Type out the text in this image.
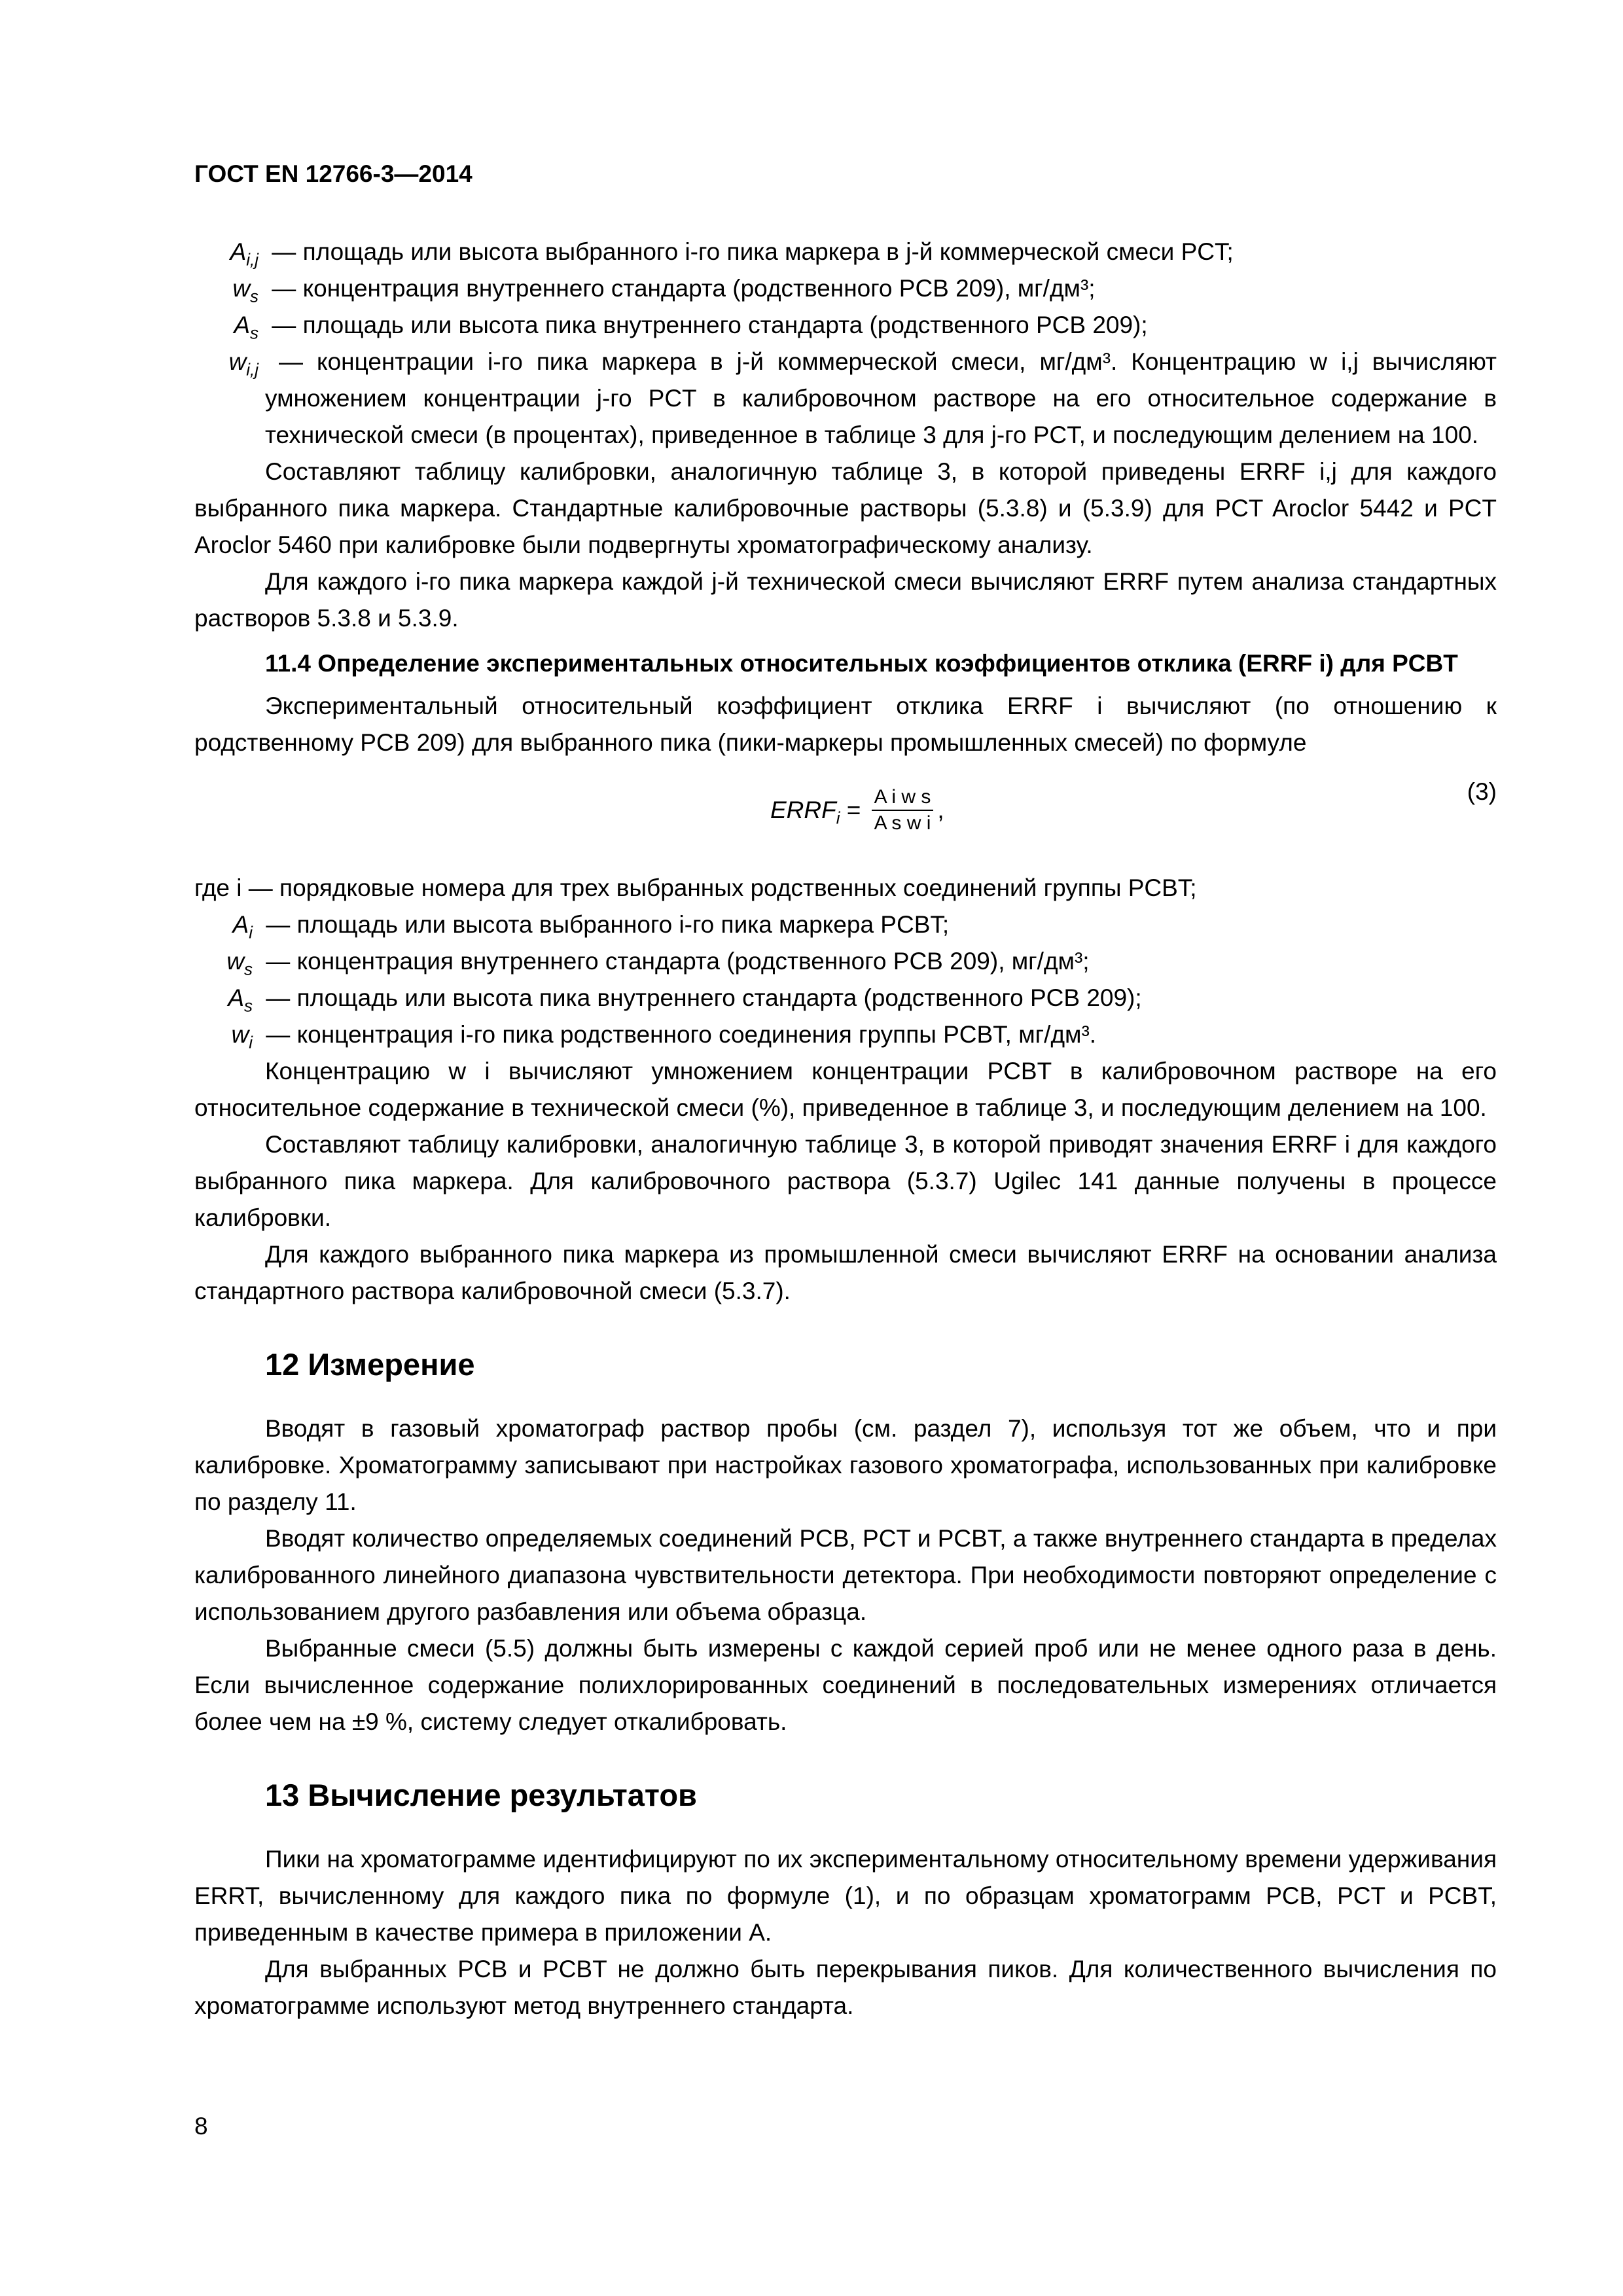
ГОСТ EN 12766-3—2014
$A_{i,j}$ — площадь или высота выбранного i-го пика маркера в j-й коммерческой смеси PCT;
$w_s$ — концентрация внутреннего стандарта (родственного PCB 209), мг/дм³;
$A_s$ — площадь или высота пика внутреннего стандарта (родственного PCB 209);
$w_{i,j}$ — концентрации i-го пика маркера в j-й коммерческой смеси, мг/дм³. Концентрацию w i,j вычисляют умножением концентрации j-го PCT в калибровочном растворе на его относительное содержание в технической смеси (в процентах), приведенное в таблице 3 для j-го PCT, и последующим делением на 100.

Составляют таблицу калибровки, аналогичную таблице 3, в которой приведены ERRF i,j для каждого выбранного пика маркера. Стандартные калибровочные растворы (5.3.8) и (5.3.9) для PCT Aroclor 5442 и PCT Aroclor 5460 при калибровке были подвергнуты хроматографическому анализу.

Для каждого i-го пика маркера каждой j-й технической смеси вычисляют ERRF путем анализа стандартных растворов 5.3.8 и 5.3.9.

11.4 Определение экспериментальных относительных коэффициентов отклика (ERRF i) для PCBT

Экспериментальный относительный коэффициент отклика ERRF i вычисляют (по отношению к родственному PCB 209) для выбранного пика (пики-маркеры промышленных смесей) по формуле

$ERRF_i = \frac{\text{A i w s}}{\text{A s w i}}$ ,
(3)

где i — порядковые номера для трех выбранных родственных соединений группы PCBT;

$A_i$ — площадь или высота выбранного i-го пика маркера PCBT;
$w_s$ — концентрация внутреннего стандарта (родственного PCB 209), мг/дм³;
$A_s$ — площадь или высота пика внутреннего стандарта (родственного PCB 209);
$w_i$ — концентрация i-го пика родственного соединения группы PCBT, мг/дм³.

Концентрацию w i вычисляют умножением концентрации PCBT в калибровочном растворе на его относительное содержание в технической смеси (%), приведенное в таблице 3, и последующим делением на 100.

Составляют таблицу калибровки, аналогичную таблице 3, в которой приводят значения ERRF i для каждого выбранного пика маркера. Для калибровочного раствора (5.3.7) Ugilec 141 данные получены в процессе калибровки.

Для каждого выбранного пика маркера из промышленной смеси вычисляют ERRF на основании анализа стандартного раствора калибровочной смеси (5.3.7).

12 Измерение

Вводят в газовый хроматограф раствор пробы (см. раздел 7), используя тот же объем, что и при калибровке. Хроматограмму записывают при настройках газового хроматографа, использованных при калибровке по разделу 11.

Вводят количество определяемых соединений PCB, PCT и PCBT, а также внутреннего стандарта в пределах калиброванного линейного диапазона чувствительности детектора. При необходимости повторяют определение с использованием другого разбавления или объема образца.

Выбранные смеси (5.5) должны быть измерены с каждой серией проб или не менее одного раза в день. Если вычисленное содержание полихлорированных соединений в последовательных измерениях отличается более чем на ±9 %, систему следует откалибровать.

13 Вычисление результатов

Пики на хроматограмме идентифицируют по их экспериментальному относительному времени удерживания ERRT, вычисленному для каждого пика по формуле (1), и по образцам хроматограмм PCB, PCT и PCBT, приведенным в качестве примера в приложении А.

Для выбранных PCB и PCBT не должно быть перекрывания пиков. Для количественного вычисления по хроматограмме используют метод внутреннего стандарта.

8
